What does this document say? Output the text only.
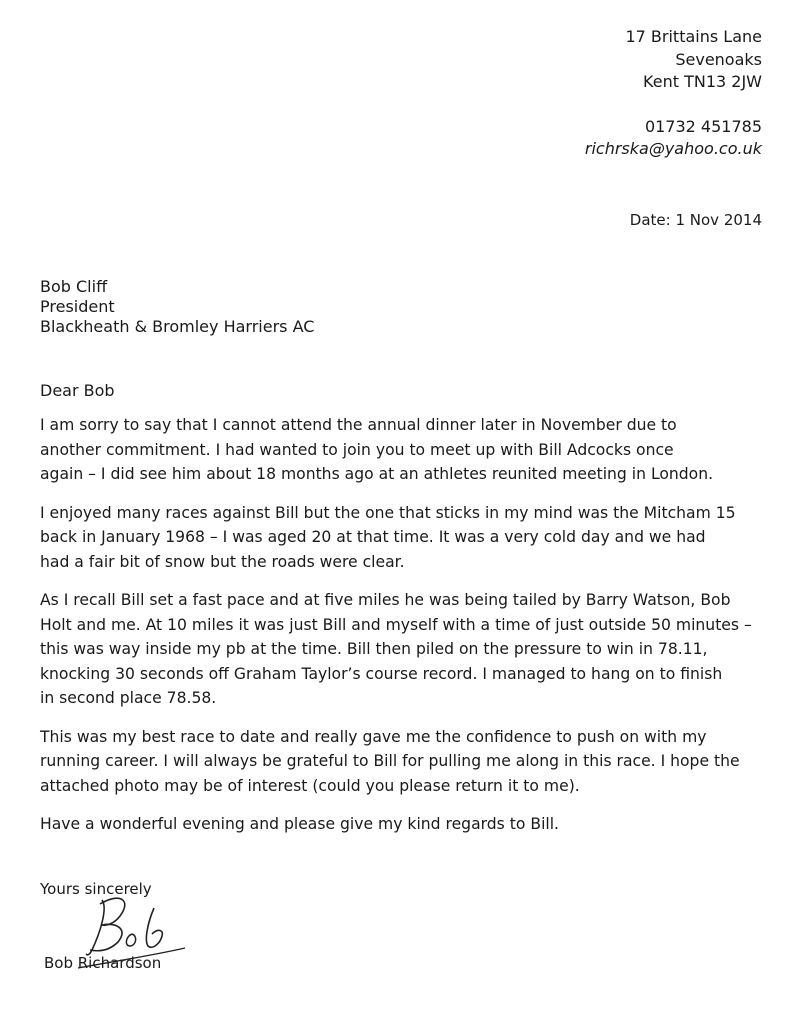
17 Brittains Lane
Sevenoaks
Kent TN13 2JW
01732 451785
richrska@yahoo.co.uk
Date: 1 Nov 2014
Bob Cliff
President
Blackheath & Bromley Harriers AC
Dear Bob

I am sorry to say that I cannot attend the annual dinner later in November due to
another commitment. I had wanted to join you to meet up with Bill Adcocks once
again – I did see him about 18 months ago at an athletes reunited meeting in London.

I enjoyed many races against Bill but the one that sticks in my mind was the Mitcham 15
back in January 1968 – I was aged 20 at that time. It was a very cold day and we had
had a fair bit of snow but the roads were clear.

As I recall Bill set a fast pace and at five miles he was being tailed by Barry Watson, Bob
Holt and me. At 10 miles it was just Bill and myself with a time of just outside 50 minutes –
this was way inside my pb at the time. Bill then piled on the pressure to win in 78.11,
knocking 30 seconds off Graham Taylor’s course record. I managed to hang on to finish
in second place 78.58.

This was my best race to date and really gave me the confidence to push on with my
running career. I will always be grateful to Bill for pulling me along in this race. I hope the
attached photo may be of interest (could you please return it to me).

Have a wonderful evening and please give my kind regards to Bill.

Yours sincerely
Bob Richardson
